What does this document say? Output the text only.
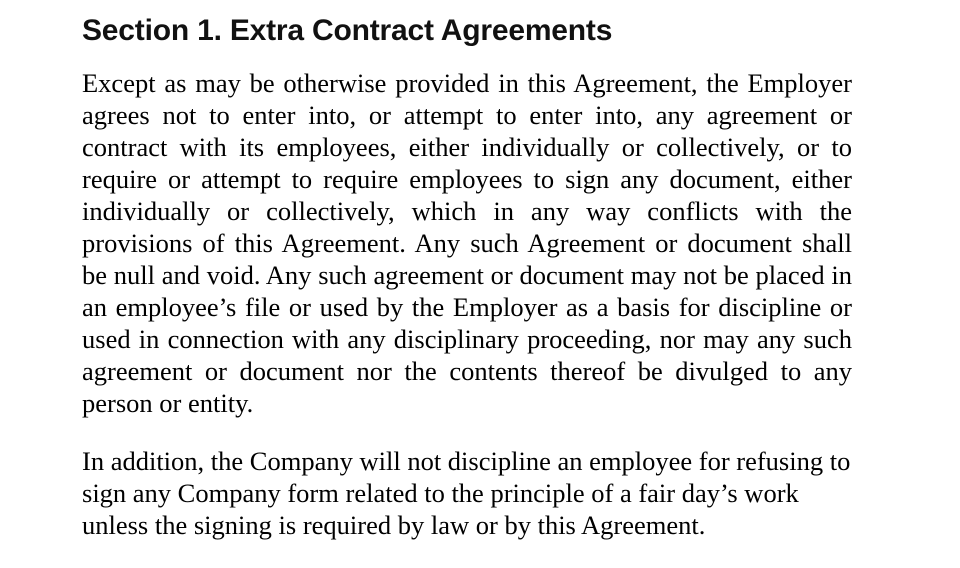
Section 1. Extra Contract Agreements

Except as may be otherwise provided in this Agreement, the Employer agrees not to enter into, or attempt to enter into, any agreement or contract with its employees, either individually or collectively, or to require or attempt to require employees to sign any document, either individually or collectively, which in any way conflicts with the provisions of this Agreement. Any such Agreement or document shall be null and void. Any such agreement or document may not be placed in an employee’s file or used by the Employer as a basis for discipline or used in connection with any disciplinary proceeding, nor may any such agreement or document nor the contents thereof be divulged to any person or entity.

In addition, the Company will not discipline an employee for refusing to sign any Company form related to the principle of a fair day’s work unless the signing is required by law or by this Agreement.
